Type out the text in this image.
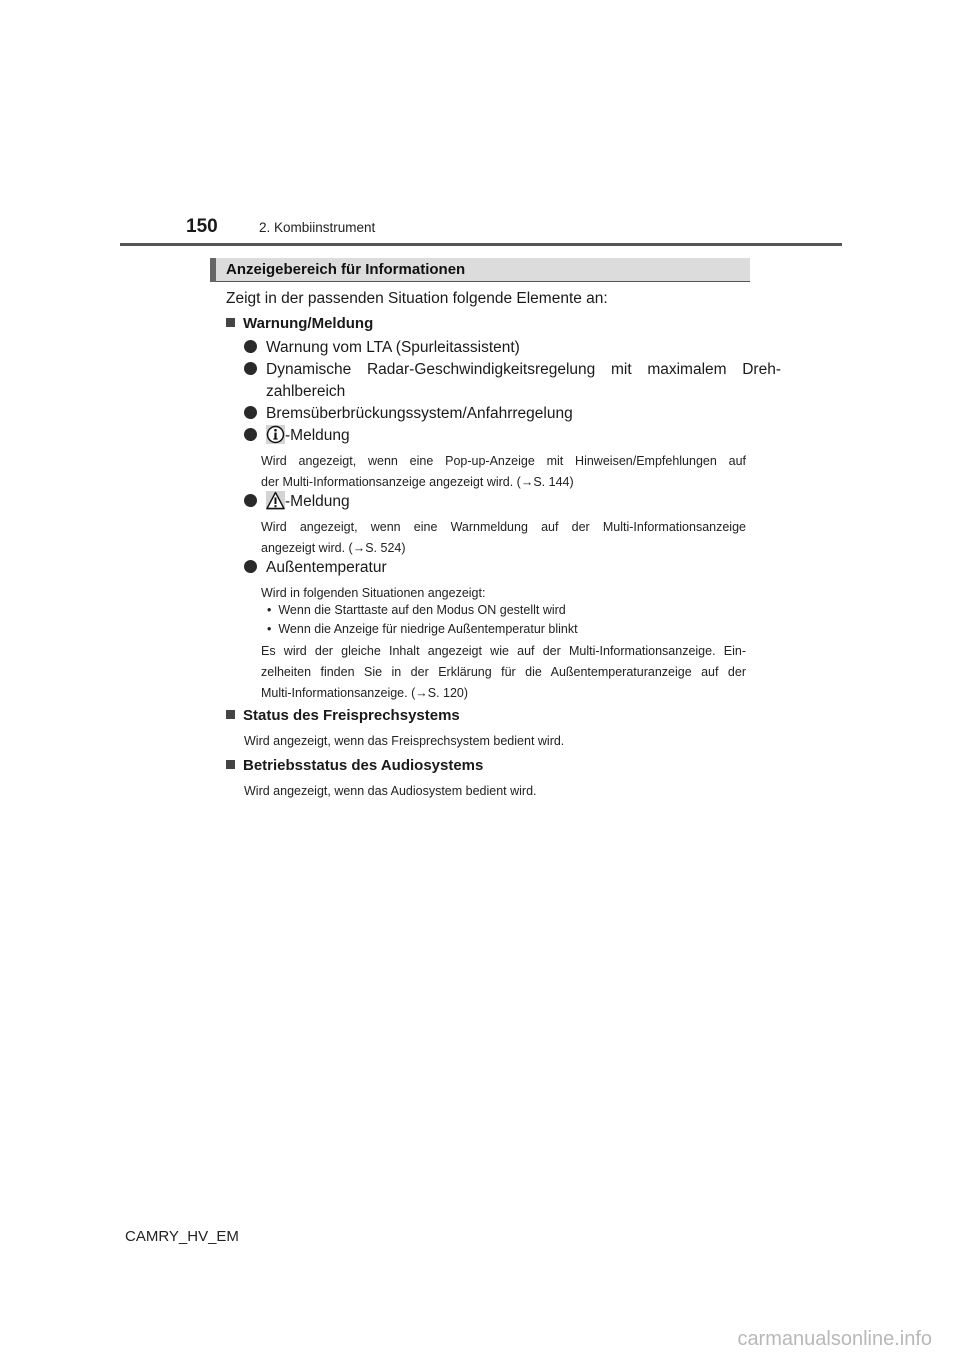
150	2. Kombiinstrument
Anzeigebereich für Informationen
Zeigt in der passenden Situation folgende Elemente an:
Warnung/Meldung
Warnung vom LTA (Spurleitassistent)
Dynamische Radar-Geschwindigkeitsregelung mit maximalem Dreh-
zahlbereich
Bremsüberbrückungssystem/Anfahrregelung
-Meldung
Wird angezeigt, wenn eine Pop-up-Anzeige mit Hinweisen/Empfehlungen auf
der Multi-Informationsanzeige angezeigt wird. (→S. 144)
-Meldung
Wird angezeigt, wenn eine Warnmeldung auf der Multi-Informationsanzeige
angezeigt wird. (→S. 524)
Außentemperatur
Wird in folgenden Situationen angezeigt:
• Wenn die Starttaste auf den Modus ON gestellt wird
• Wenn die Anzeige für niedrige Außentemperatur blinkt
Es wird der gleiche Inhalt angezeigt wie auf der Multi-Informationsanzeige. Ein-
zelheiten finden Sie in der Erklärung für die Außentemperaturanzeige auf der
Multi-Informationsanzeige. (→S. 120)
Status des Freisprechsystems
Wird angezeigt, wenn das Freisprechsystem bedient wird.
Betriebsstatus des Audiosystems
Wird angezeigt, wenn das Audiosystem bedient wird.
CAMRY_HV_EM
carmanualsonline.info
